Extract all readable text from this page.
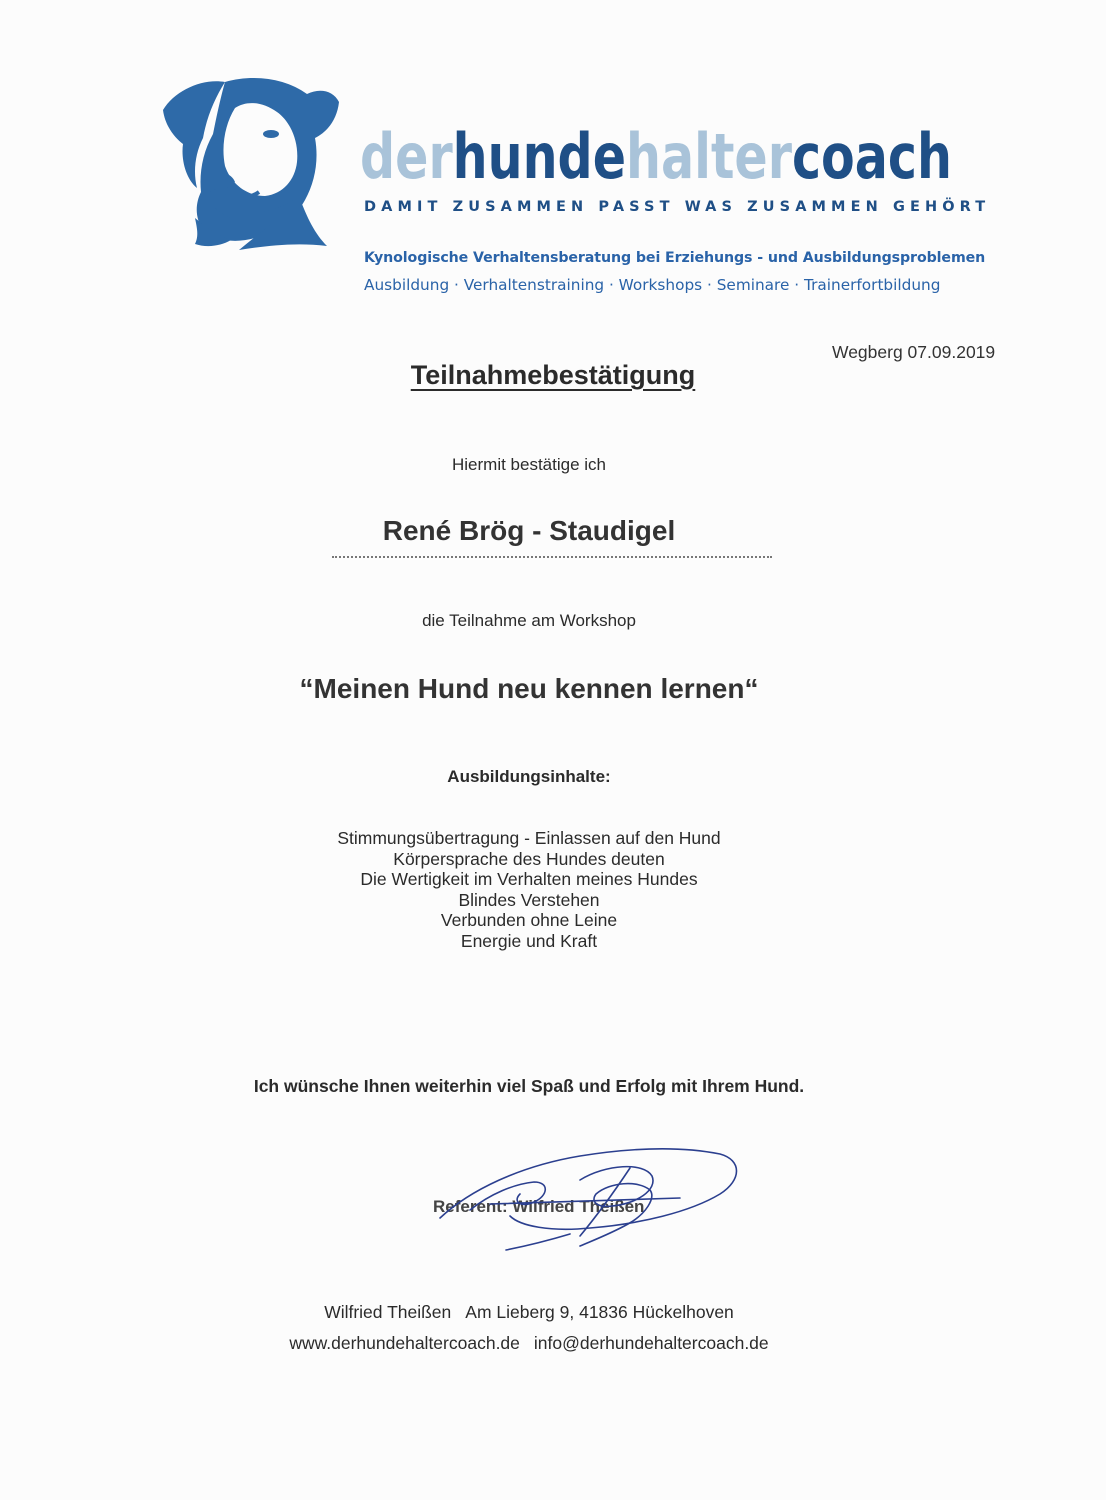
derhundehaltercoach
DAMIT ZUSAMMEN PASST WAS ZUSAMMEN GEHÖRT
Kynologische Verhaltensberatung bei Erziehungs - und Ausbildungsproblemen
Ausbildung · Verhaltenstraining · Workshops · Seminare · Trainerfortbildung
Wegberg 07.09.2019
Teilnahmebestätigung
Hiermit bestätige ich
René Brög - Staudigel
die Teilnahme am Workshop
“Meinen Hund neu kennen lernen“
Ausbildungsinhalte:
Stimmungsübertragung - Einlassen auf den Hund
Körpersprache des Hundes deuten
Die Wertigkeit im Verhalten meines Hundes
Blindes Verstehen
Verbunden ohne Leine
Energie und Kraft
Ich wünsche Ihnen weiterhin viel Spaß und Erfolg mit Ihrem Hund.
Referent: Wilfried Theißen
Wilfried Theißen Am Lieberg 9, 41836 Hückelhoven
www.derhundehaltercoach.de info@derhundehaltercoach.de
